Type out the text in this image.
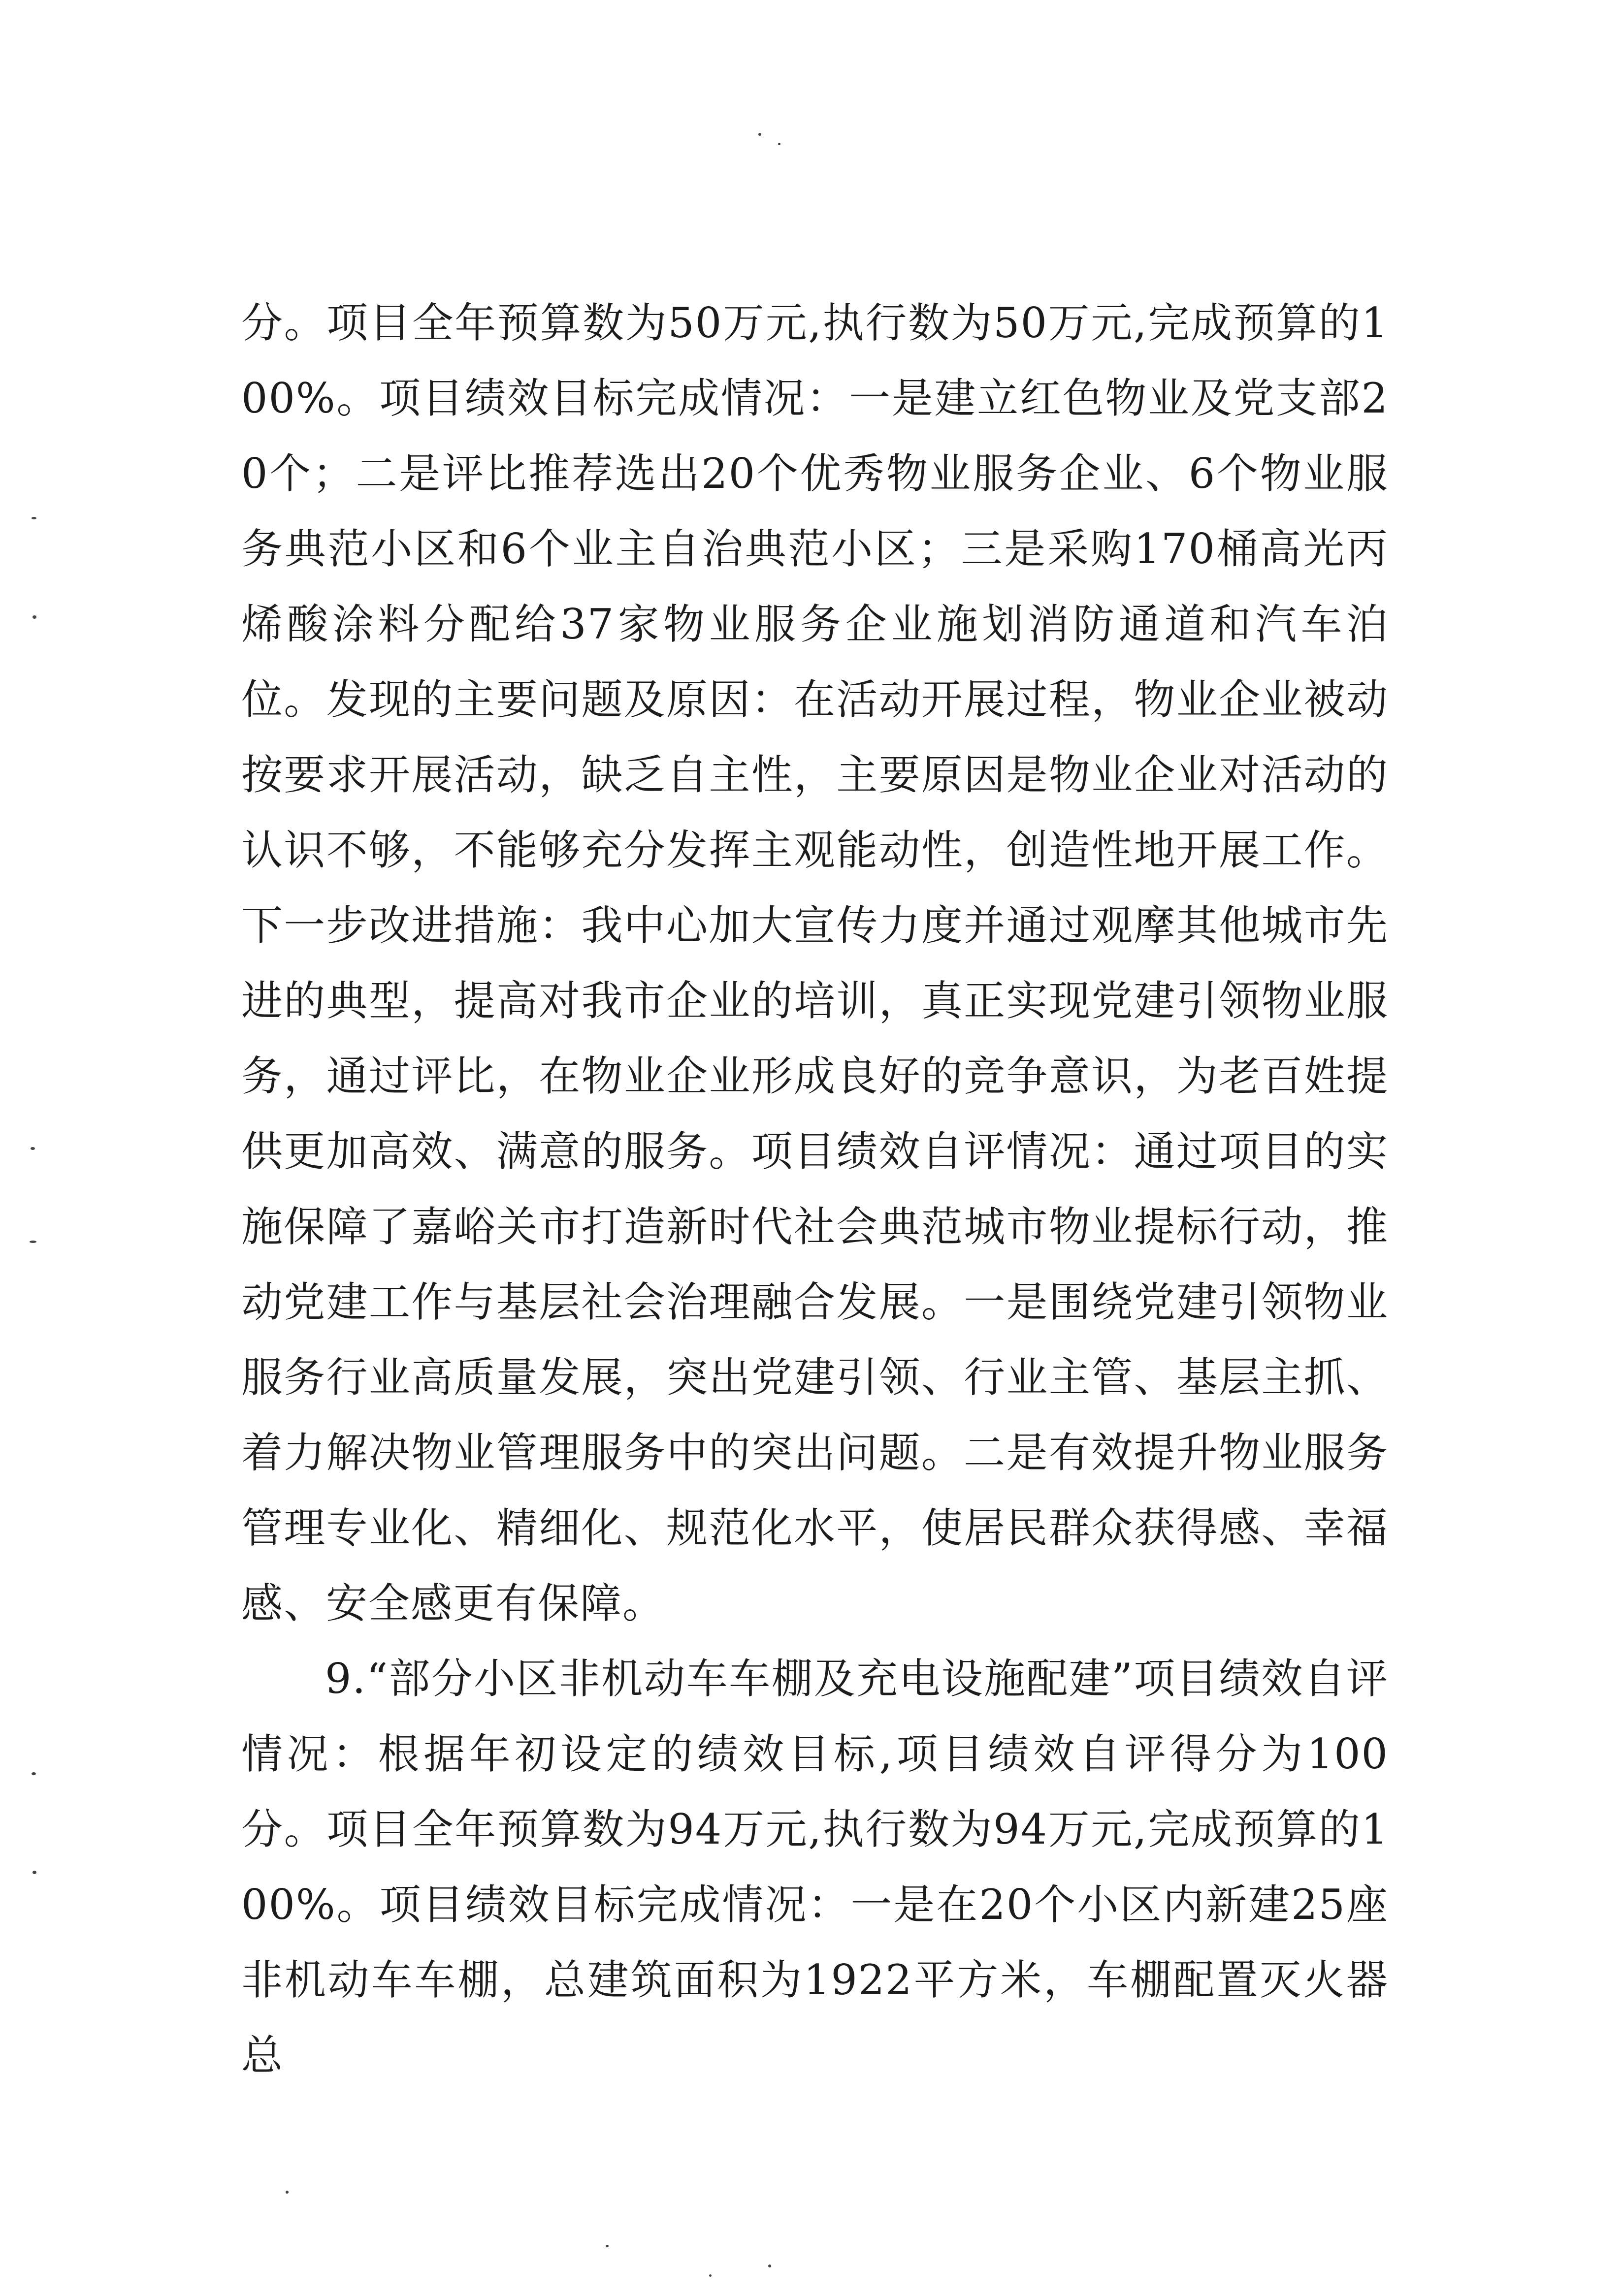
分。项目全年预算数为50万元,执行数为50万元,完成预算的100%。项目绩效目标完成情况：一是建立红色物业及党支部20个；二是评比推荐选出20个优秀物业服务企业、6个物业服务典范小区和6个业主自治典范小区；三是采购170桶高光丙烯酸涂料分配给37家物业服务企业施划消防通道和汽车泊位。发现的主要问题及原因：在活动开展过程，物业企业被动按要求开展活动，缺乏自主性，主要原因是物业企业对活动的认识不够，不能够充分发挥主观能动性，创造性地开展工作。下一步改进措施：我中心加大宣传力度并通过观摩其他城市先进的典型，提高对我市企业的培训，真正实现党建引领物业服务，通过评比，在物业企业形成良好的竞争意识，为老百姓提供更加高效、满意的服务。项目绩效自评情况：通过项目的实施保障了嘉峪关市打造新时代社会典范城市物业提标行动，推动党建工作与基层社会治理融合发展。一是围绕党建引领物业服务行业高质量发展，突出党建引领、行业主管、基层主抓、着力解决物业管理服务中的突出问题。二是有效提升物业服务管理专业化、精细化、规范化水平，使居民群众获得感、幸福感、安全感更有保障。

9.“部分小区非机动车车棚及充电设施配建”项目绩效自评情况：根据年初设定的绩效目标,项目绩效自评得分为100分。项目全年预算数为94万元,执行数为94万元,完成预算的100%。项目绩效目标完成情况：一是在20个小区内新建25座非机动车车棚，总建筑面积为1922平方米，车棚配置灭火器总
